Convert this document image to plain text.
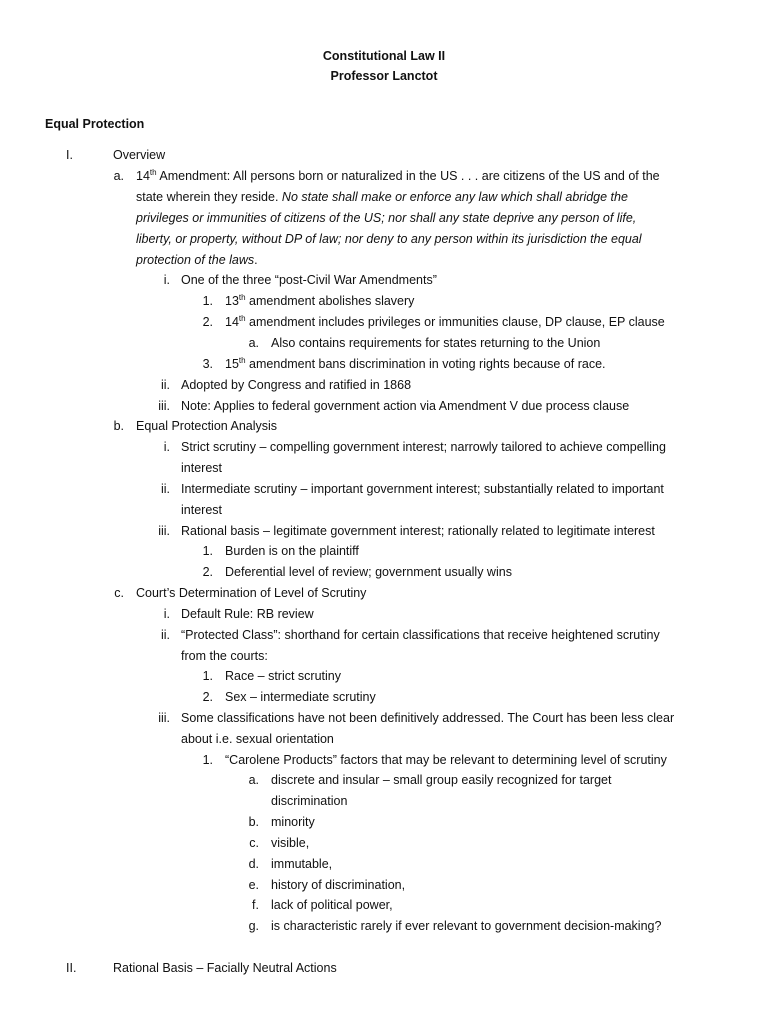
Constitutional Law II
Professor Lanctot
Equal Protection
I.	Overview
a. 14th Amendment: All persons born or naturalized in the US . . . are citizens of the US and of the
state wherein they reside. No state shall make or enforce any law which shall abridge the
privileges or immunities of citizens of the US; nor shall any state deprive any person of life,
liberty, or property, without DP of law; nor deny to any person within its jurisdiction the equal
protection of the laws.
i. One of the three “post-Civil War Amendments”
1. 13th amendment abolishes slavery
2. 14th amendment includes privileges or immunities clause, DP clause, EP clause
a. Also contains requirements for states returning to the Union
3. 15th amendment bans discrimination in voting rights because of race.
ii. Adopted by Congress and ratified in 1868
iii. Note: Applies to federal government action via Amendment V due process clause
b. Equal Protection Analysis
i. Strict scrutiny – compelling government interest; narrowly tailored to achieve compelling
interest
ii. Intermediate scrutiny – important government interest; substantially related to important
interest
iii. Rational basis – legitimate government interest; rationally related to legitimate interest
1. Burden is on the plaintiff
2. Deferential level of review; government usually wins
c. Court’s Determination of Level of Scrutiny
i. Default Rule: RB review
ii. “Protected Class”: shorthand for certain classifications that receive heightened scrutiny
from the courts:
1. Race – strict scrutiny
2. Sex – intermediate scrutiny
iii. Some classifications have not been definitively addressed. The Court has been less clear
about i.e. sexual orientation
1. “Carolene Products” factors that may be relevant to determining level of scrutiny
a. discrete and insular – small group easily recognized for target
discrimination
b. minority
c. visible,
d. immutable,
e. history of discrimination,
f. lack of political power,
g. is characteristic rarely if ever relevant to government decision-making?
II.	Rational Basis – Facially Neutral Actions
